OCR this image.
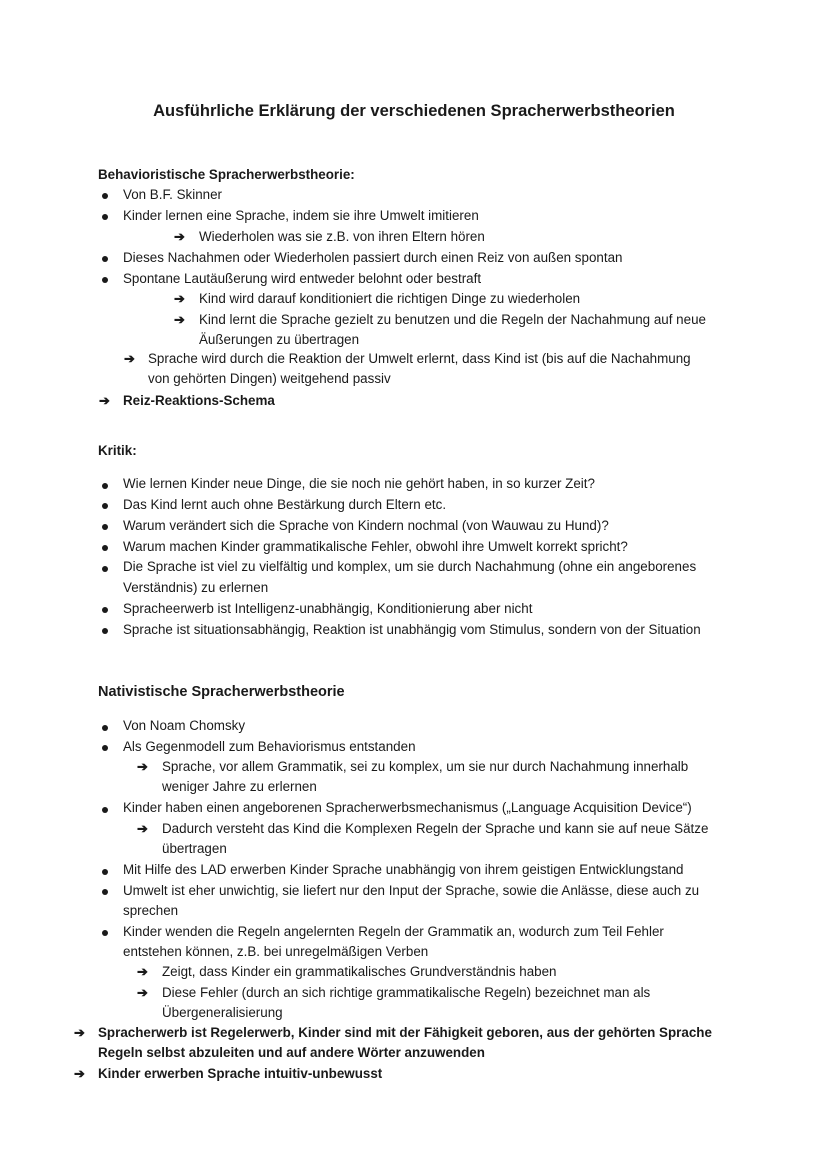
Ausführliche Erklärung der verschiedenen Spracherwerbstheorien
Behavioristische Spracherwerbstheorie:
Von B.F. Skinner
Kinder lernen eine Sprache, indem sie ihre Umwelt imitieren
➔ Wiederholen was sie z.B. von ihren Eltern hören
Dieses Nachahmen oder Wiederholen passiert durch einen Reiz von außen spontan
Spontane Lautäußerung wird entweder belohnt oder bestraft
➔ Kind wird darauf konditioniert die richtigen Dinge zu wiederholen
➔ Kind lernt die Sprache gezielt zu benutzen und die Regeln der Nachahmung auf neue
Äußerungen zu übertragen
➔ Sprache wird durch die Reaktion der Umwelt erlernt, dass Kind ist (bis auf die Nachahmung
von gehörten Dingen) weitgehend passiv
➔ Reiz-Reaktions-Schema
Kritik:
Wie lernen Kinder neue Dinge, die sie noch nie gehört haben, in so kurzer Zeit?
Das Kind lernt auch ohne Bestärkung durch Eltern etc.
Warum verändert sich die Sprache von Kindern nochmal (von Wauwau zu Hund)?
Warum machen Kinder grammatikalische Fehler, obwohl ihre Umwelt korrekt spricht?
Die Sprache ist viel zu vielfältig und komplex, um sie durch Nachahmung (ohne ein angeborenes
Verständnis) zu erlernen
Spracheerwerb ist Intelligenz-unabhängig, Konditionierung aber nicht
Sprache ist situationsabhängig, Reaktion ist unabhängig vom Stimulus, sondern von der Situation
Nativistische Spracherwerbstheorie
Von Noam Chomsky
Als Gegenmodell zum Behaviorismus entstanden
➔ Sprache, vor allem Grammatik, sei zu komplex, um sie nur durch Nachahmung innerhalb
weniger Jahre zu erlernen
Kinder haben einen angeborenen Spracherwerbsmechanismus („Language Acquisition Device“)
➔ Dadurch versteht das Kind die Komplexen Regeln der Sprache und kann sie auf neue Sätze
übertragen
Mit Hilfe des LAD erwerben Kinder Sprache unabhängig von ihrem geistigen Entwicklungstand
Umwelt ist eher unwichtig, sie liefert nur den Input der Sprache, sowie die Anlässe, diese auch zu
sprechen
Kinder wenden die Regeln angelernten Regeln der Grammatik an, wodurch zum Teil Fehler
entstehen können, z.B. bei unregelmäßigen Verben
➔ Zeigt, dass Kinder ein grammatikalisches Grundverständnis haben
➔ Diese Fehler (durch an sich richtige grammatikalische Regeln) bezeichnet man als
Übergeneralisierung
➔ Spracherwerb ist Regelerwerb, Kinder sind mit der Fähigkeit geboren, aus der gehörten Sprache
Regeln selbst abzuleiten und auf andere Wörter anzuwenden
➔ Kinder erwerben Sprache intuitiv-unbewusst
